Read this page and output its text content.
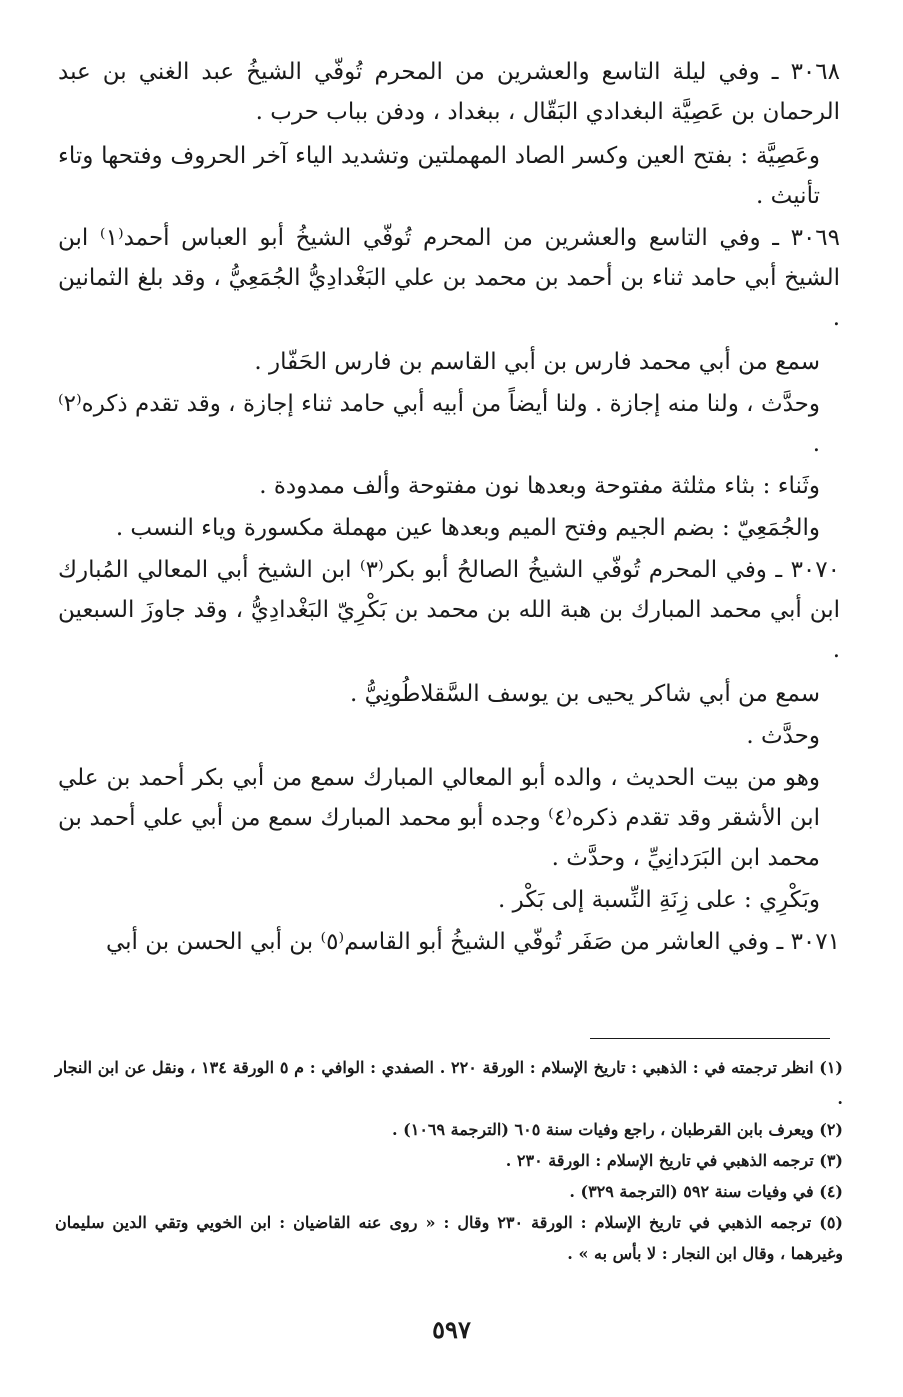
٣٠٦٨ ـ وفي ليلة التاسع والعشرين من المحرم تُوفّي الشيخُ عبد الغني بن عبد الرحمان بن عَصِيَّة البغدادي البَقّال ، ببغداد ، ودفن بباب حرب .

وعَصِيَّة : بفتح العين وكسر الصاد المهملتين وتشديد الياء آخر الحروف وفتحها وتاء تأنيث .

٣٠٦٩ ـ وفي التاسع والعشرين من المحرم تُوفّي الشيخُ أبو العباس أحمد⁽١⁾ ابن الشيخ أبي حامد ثناء بن أحمد بن محمد بن علي البَغْدادِيُّ الجُمَعِيُّ ، وقد بلغ الثمانين .

سمع من أبي محمد فارس بن أبي القاسم بن فارس الحَفّار .

وحدَّث ، ولنا منه إجازة . ولنا أيضاً من أبيه أبي حامد ثناء إجازة ، وقد تقدم ذكره⁽٢⁾ .

وثَناء : بثاء مثلثة مفتوحة وبعدها نون مفتوحة وألف ممدودة .

والجُمَعِيّ : بضم الجيم وفتح الميم وبعدها عين مهملة مكسورة وياء النسب .

٣٠٧٠ ـ وفي المحرم تُوفّي الشيخُ الصالحُ أبو بكر⁽٣⁾ ابن الشيخ أبي المعالي المُبارك ابن أبي محمد المبارك بن هبة الله بن محمد بن بَكْرِيّ البَغْدادِيُّ ، وقد جاوزَ السبعين .

سمع من أبي شاكر يحيى بن يوسف السَّقلاطُونِيُّ .

وحدَّث .

وهو من بيت الحديث ، والده أبو المعالي المبارك سمع من أبي بكر أحمد بن علي ابن الأشقر وقد تقدم ذكره⁽٤⁾ وجده أبو محمد المبارك سمع من أبي علي أحمد بن محمد ابن البَرَدانِيِّ ، وحدَّث .

وبَكْرِي : على زِنَةِ النِّسبة إلى بَكْر .

٣٠٧١ ـ وفي العاشر من صَفَر تُوفّي الشيخُ أبو القاسم⁽٥⁾ بن أبي الحسن بن أبي

(١) انظر ترجمته في : الذهبي : تاريخ الإسلام : الورقة ٢٢٠ . الصفدي : الوافي : م ٥ الورقة ١٣٤ ، ونقل عن ابن النجار .

(٢) ويعرف بابن القرطبان ، راجع وفيات سنة ٦٠٥ (الترجمة ١٠٦٩) .

(٣) ترجمه الذهبي في تاريخ الإسلام : الورقة ٢٣٠ .

(٤) في وفيات سنة ٥٩٢ (الترجمة ٣٢٩) .

(٥) ترجمه الذهبي في تاريخ الإسلام : الورقة ٢٣٠ وقال : « روى عنه القاضيان : ابن الخويي وتقي الدين سليمان وغيرهما ، وقال ابن النجار : لا بأس به » .

٥٩٧
